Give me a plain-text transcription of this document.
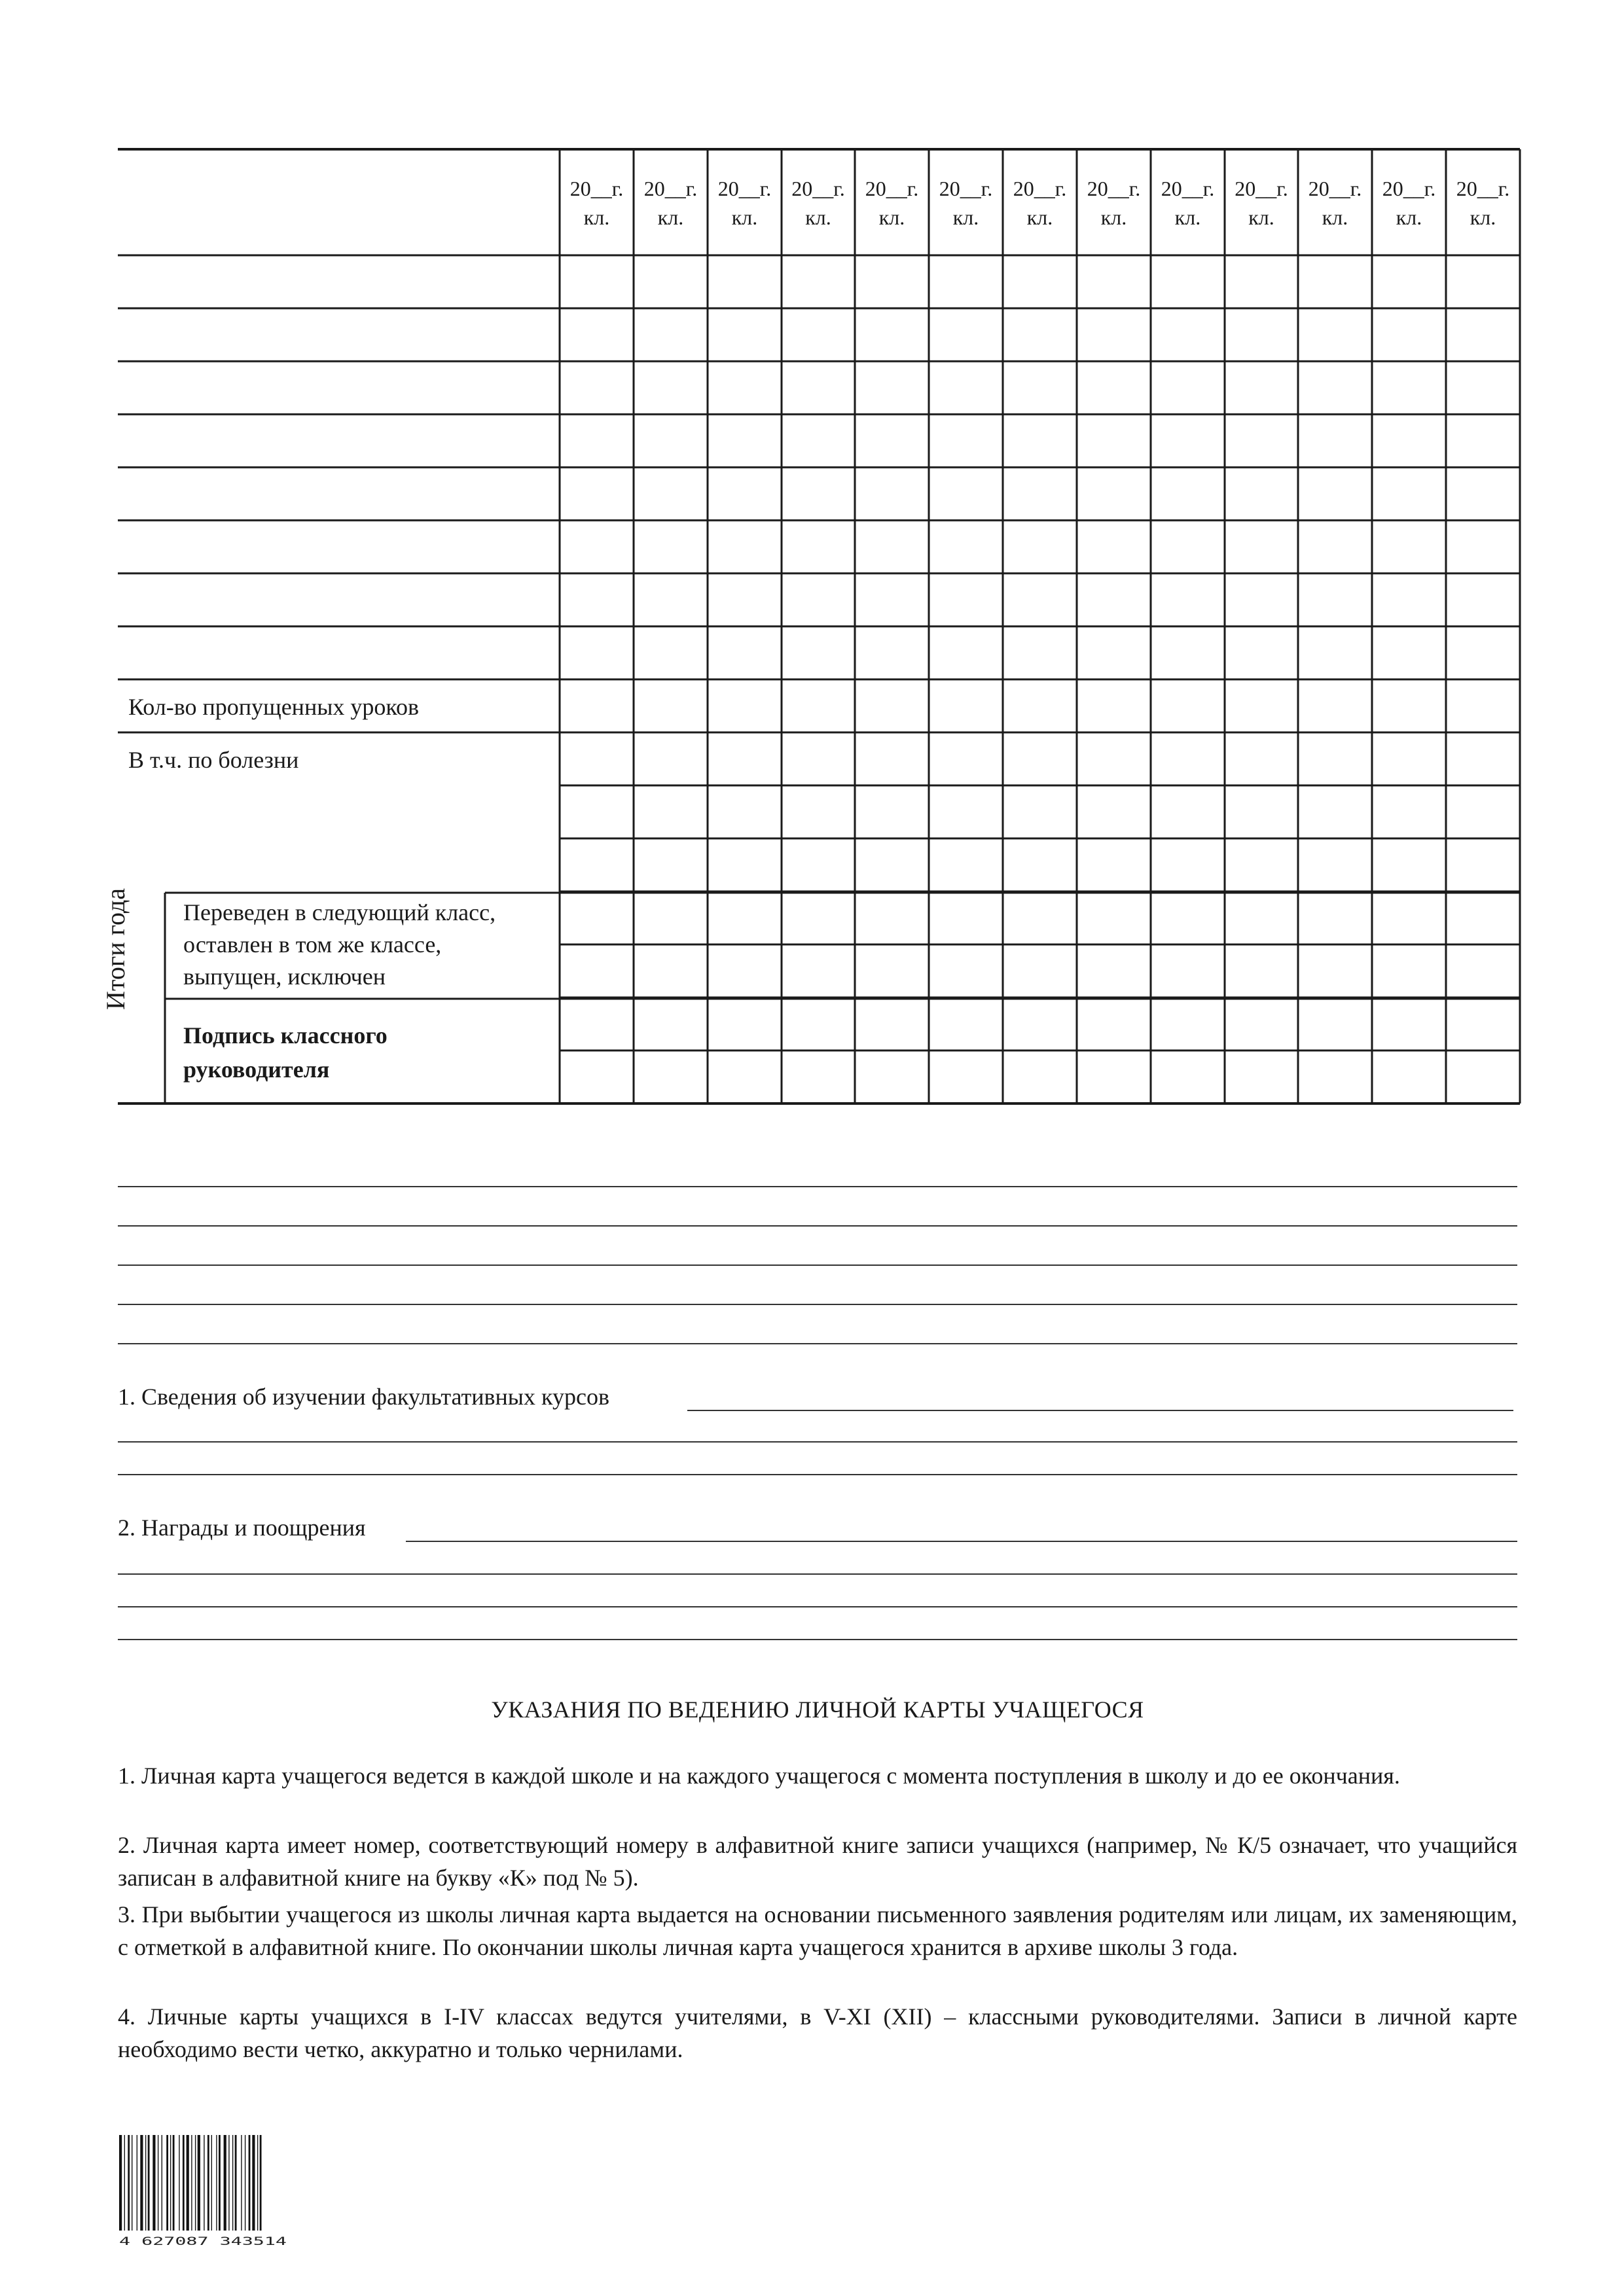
20__г.
кл.
20__г.
кл.
20__г.
кл.
20__г.
кл.
20__г.
кл.
20__г.
кл.
20__г.
кл.
20__г.
кл.
20__г.
кл.
20__г.
кл.
20__г.
кл.
20__г.
кл.
20__г.
кл.
Кол-во пропущенных уроков
В т.ч. по болезни
Итоги года Переведен в следующий класс,
оставлен в том же классе,
выпущен, исключен
Подпись классного
руководителя
1. Сведения об изучении факультативных курсов
2. Награды и поощрения
УКАЗАНИЯ ПО ВЕДЕНИЮ ЛИЧНОЙ КАРТЫ УЧАЩЕГОСЯ
1. Личная карта учащегося ведется в каждой школе и на каждого учащегося с момента поступления в школу и до ее окончания.
2. Личная карта имеет номер, соответствующий номеру в алфавитной книге записи учащихся (например, № К/5 означает, что учащийся записан в алфавитной книге на букву «К» под № 5).
3. При выбытии учащегося из школы личная карта выдается на основании письменного заявления родителям или лицам, их заменяющим, с отметкой в алфавитной книге. По окончании школы личная карта учащегося хранится в архиве школы 3 года.
4. Личные карты учащихся в I-IV классах ведутся учителями, в V-XI (XII) – классными руководителями. Записи в личной карте необходимо вести четко, аккуратно и только чернилами.
4 627087 343514
